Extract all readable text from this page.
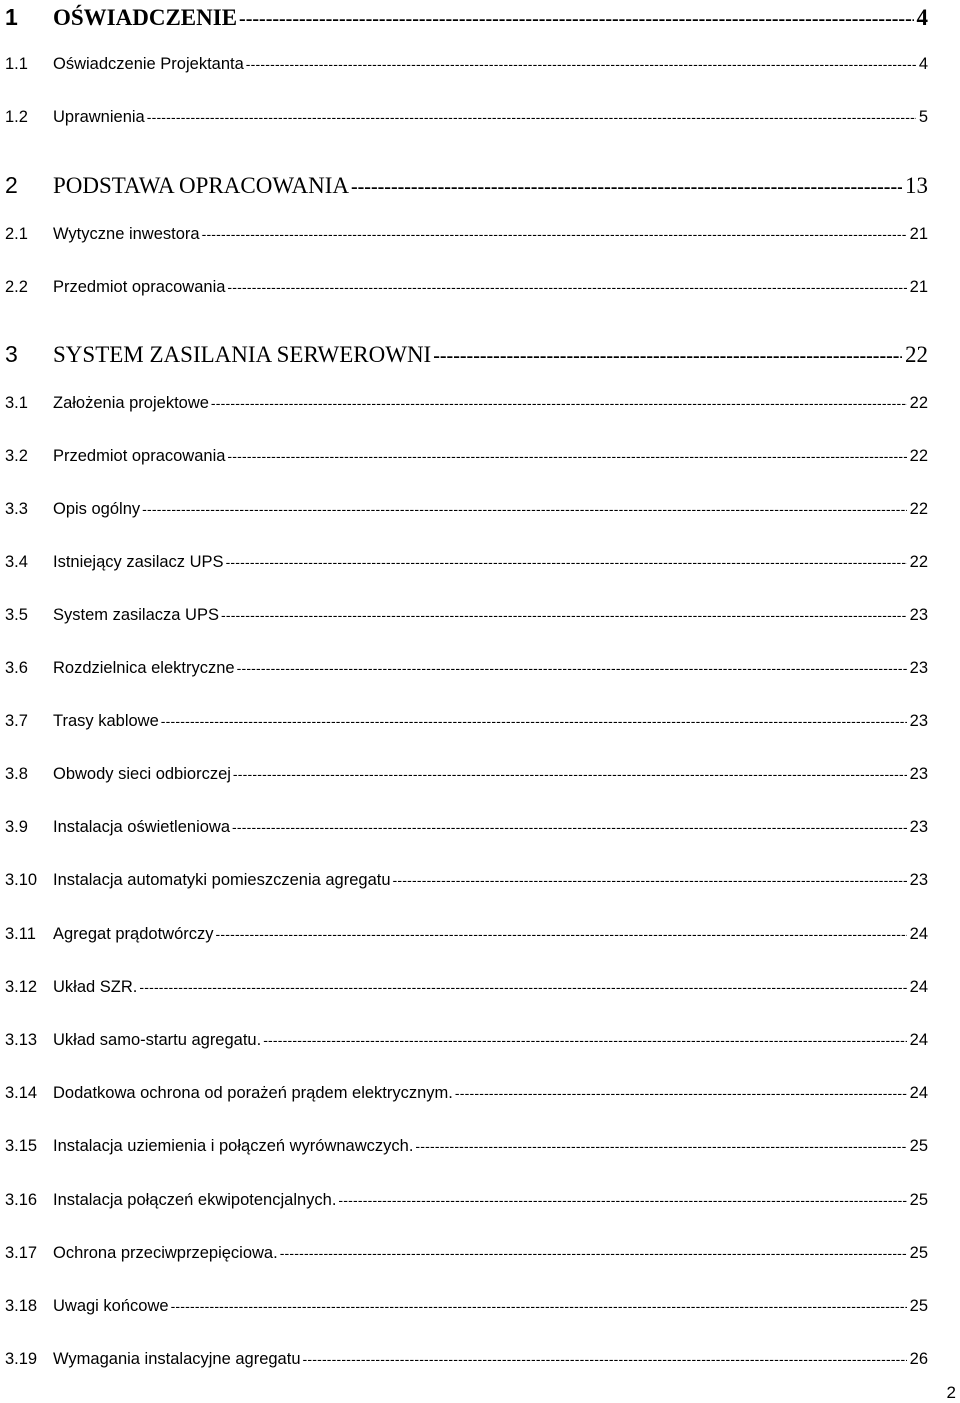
1	OŚWIADCZENIE -----	4
1.1	Oświadczenie Projektanta -----	4
1.2	Uprawnienia -----	5
2	PODSTAWA OPRACOWANIA -----	13
2.1	Wytyczne inwestora -----	21
2.2	Przedmiot opracowania -----	21
3	SYSTEM ZASILANIA SERWEROWNI -----	22
3.1	Założenia projektowe -----	22
3.2	Przedmiot opracowania -----	22
3.3	Opis ogólny -----	22
3.4	Istniejący zasilacz UPS -----	22
3.5	System zasilacza UPS -----	23
3.6	Rozdzielnica elektryczne -----	23
3.7	Trasy kablowe -----	23
3.8	Obwody sieci odbiorczej -----	23
3.9	Instalacja oświetleniowa -----	23
3.10 Instalacja automatyki pomieszczenia agregatu -----	23
3.11	Agregat prądotwórczy -----	24
3.12 Układ SZR. -----	24
3.13 Układ samo-startu agregatu. -----	24
3.14 Dodatkowa ochrona od porażeń prądem elektrycznym. -----	24
3.15 Instalacja uziemienia i połączeń wyrównawczych. -----	25
3.16 Instalacja połączeń ekwipotencjalnych. -----	25
3.17 Ochrona przeciwprzepięciowa. -----	25
3.18 Uwagi końcowe -----	25
3.19 Wymagania instalacyjne agregatu -----	26
2
